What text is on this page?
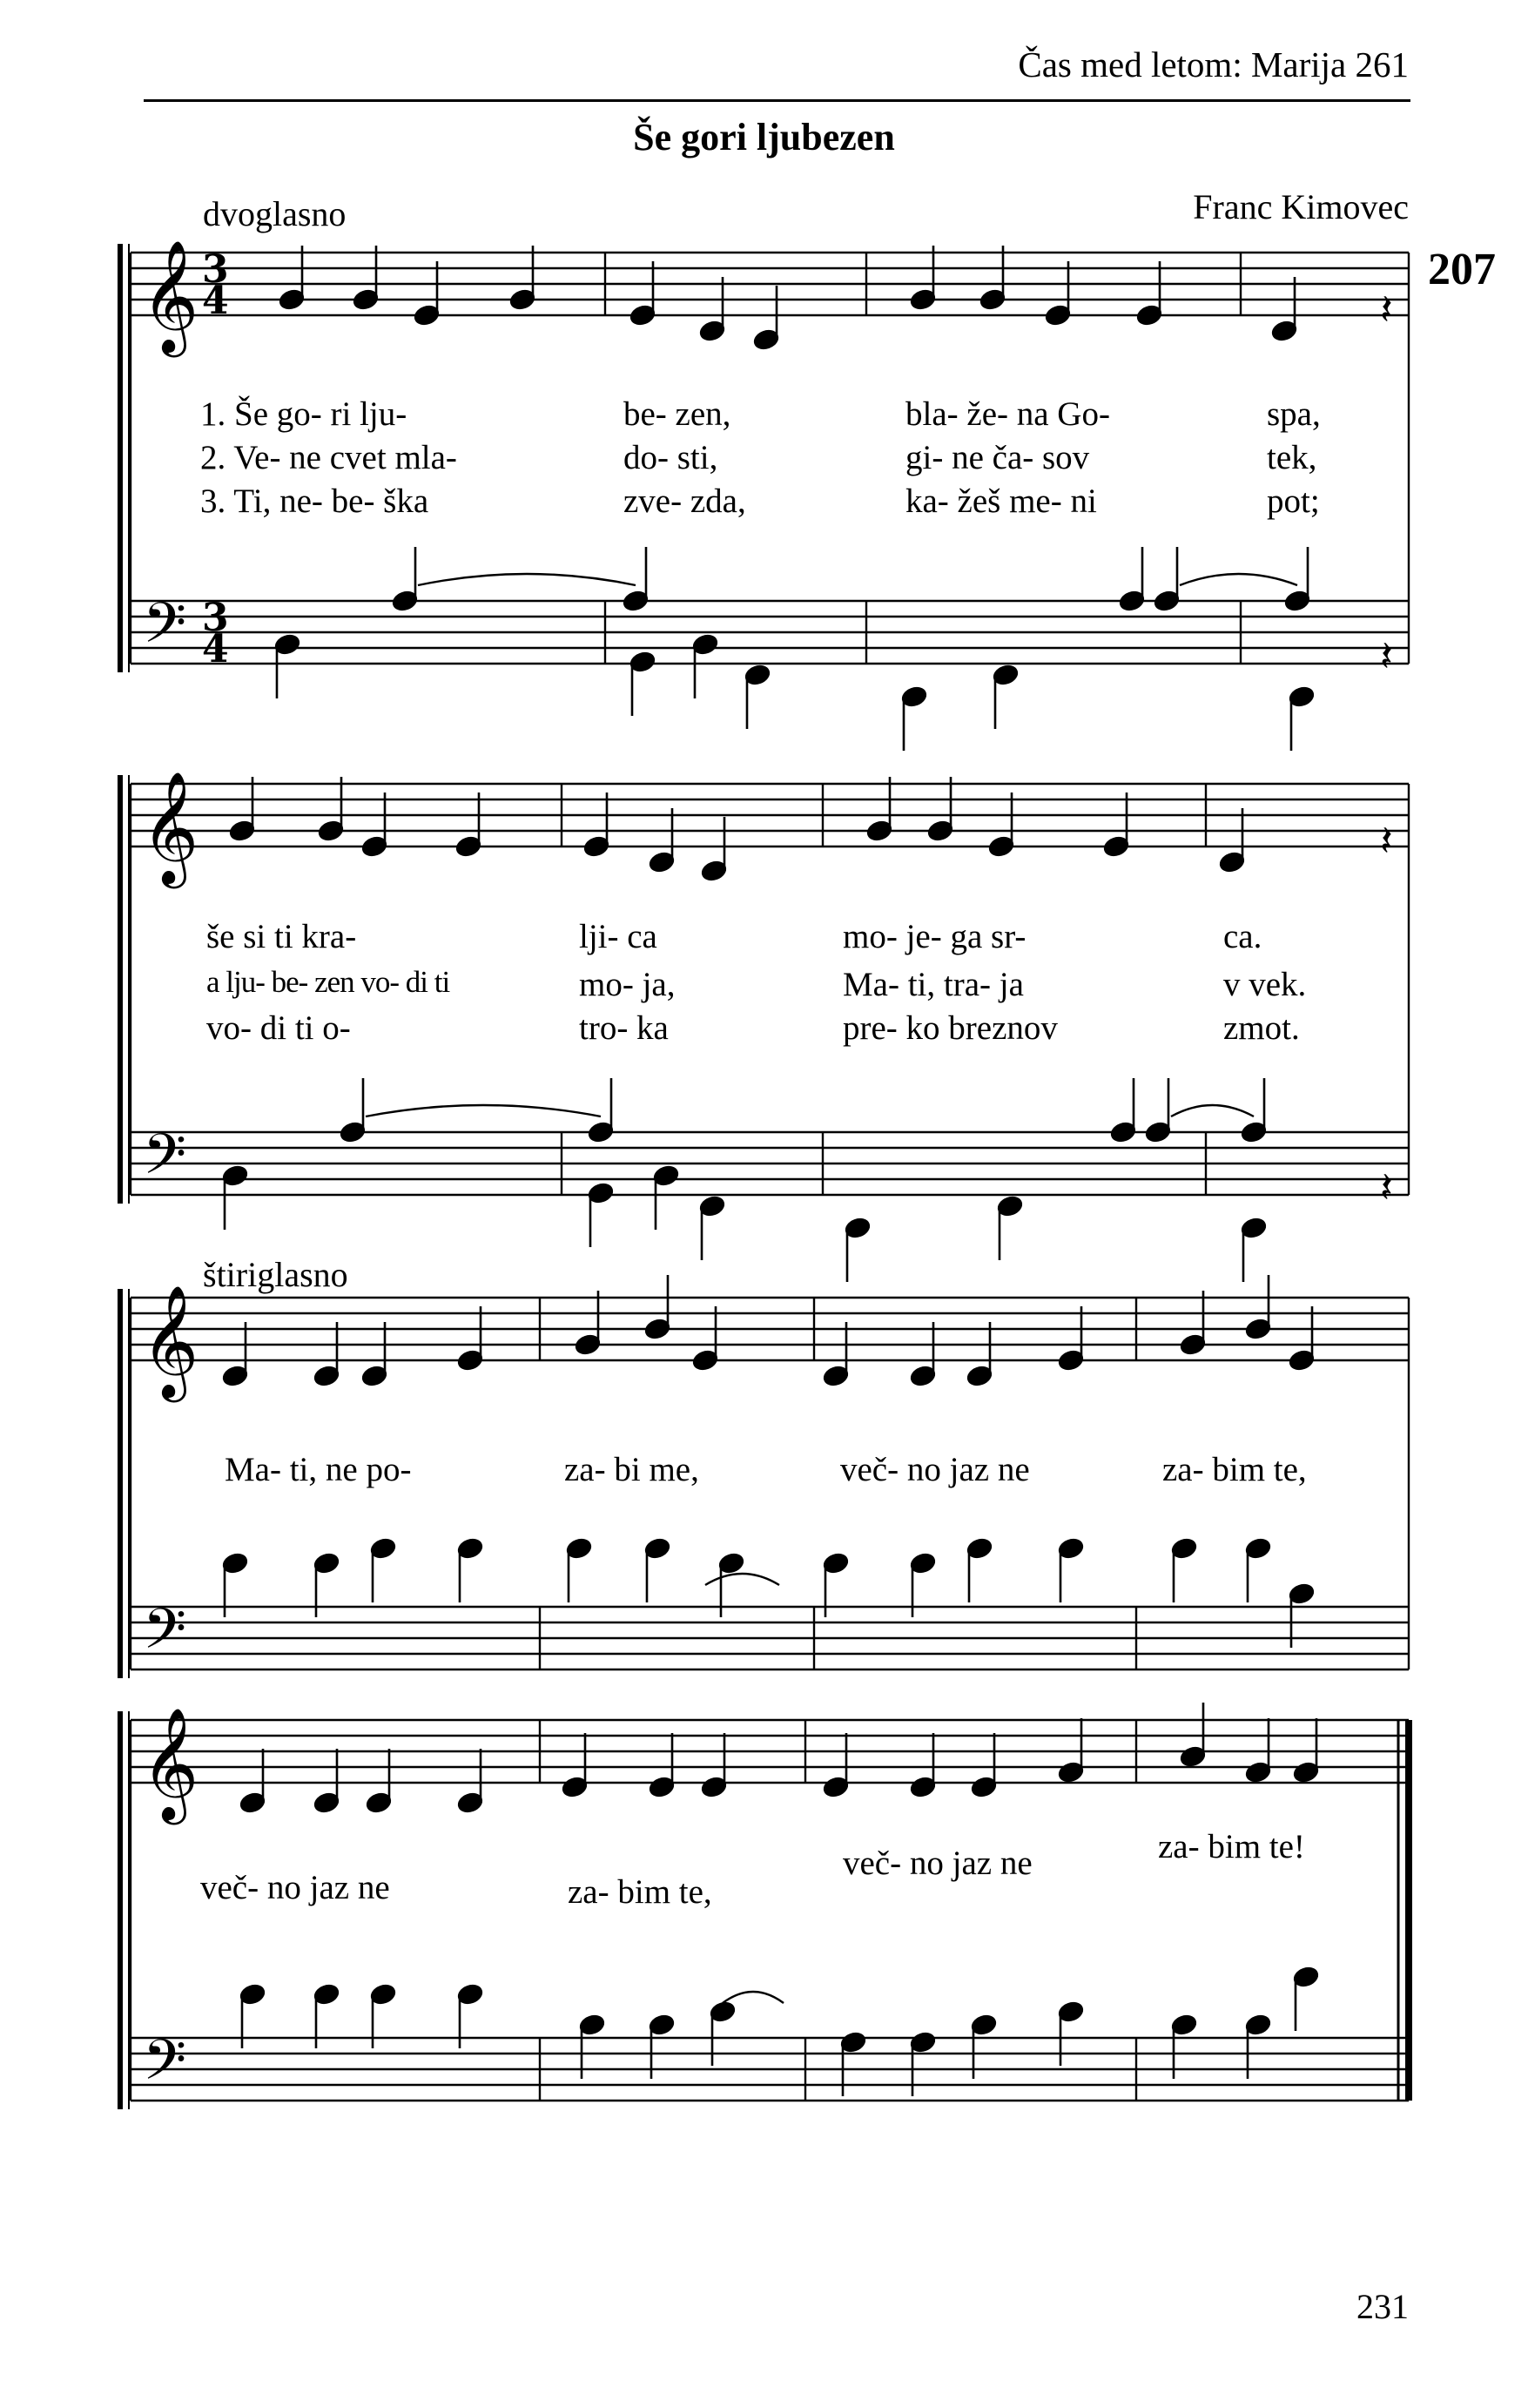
Čas med letom: Marija 261
Še gori ljubezen
Franc Kimovec
207
dvoglasno
štiriglasno
𝄞
𝄢
3
4
3
4
𝄽
𝄽
𝄞
𝄢
𝄽
𝄽
𝄞
𝄢
𝄞
𝄢
1. Še go- ri lju-	be- zen,	bla- že- na Go-	spa,
2. Ve- ne cvet mla-	do- sti,	gi- ne ča- sov	tek,
3. Ti, ne- be- ška	zve- zda,	ka- žeš me- ni	pot;
še si ti kra-	lji- ca	mo- je- ga sr-	ca.
a lju- be- zen vo- di ti	mo- ja,	Ma- ti, tra- ja	v vek.
vo- di ti o-	tro- ka	pre- ko breznov	zmot.
Ma- ti, ne po-	za- bi me,	več- no jaz ne	za- bim te,
več- no jaz ne	za- bim te,
več- no jaz ne	za- bim te!
231
